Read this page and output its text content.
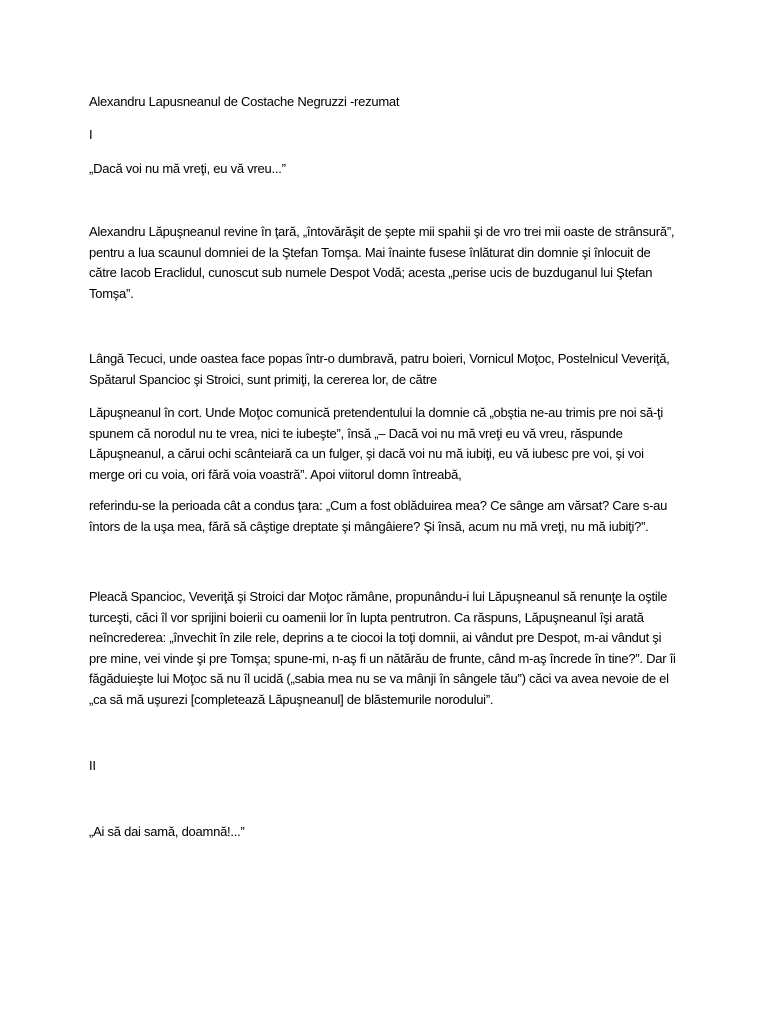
Alexandru Lapusneanul de Costache Negruzzi -rezumat

I

„Dacă voi nu mă vreţi, eu vă vreu...”

Alexandru Lăpuşneanul revine în ţară, „întovărăşit de şepte mii spahii şi de vro trei mii oaste de strânsură”, pentru a lua scaunul domniei de la Ştefan Tomşa. Mai înainte fusese înlăturat din domnie şi înlocuit de către Iacob Eraclidul, cunoscut sub numele Despot Vodă; acesta „perise ucis de buzduganul lui Ştefan Tomşa”.

Lângă Tecuci, unde oastea face popas într-o dumbravă, patru boieri, Vornicul Moţoc, Postelnicul Veveriţă, Spătarul Spancioc şi Stroici, sunt primiţi, la cererea lor, de către

Lăpuşneanul în cort. Unde Moţoc comunică pretendentului la domnie că „obştia ne-au trimis pre noi să-ţi spunem că norodul nu te vrea, nici te iubeşte”, însă „– Dacă voi nu mă vreţi eu vă vreu, răspunde Lăpuşneanul, a cărui ochi scânteiară ca un fulger, şi dacă voi nu mă iubiţi, eu vă iubesc pre voi, şi voi merge ori cu voia, ori fără voia voastră”. Apoi viitorul domn întreabă,

referindu-se la perioada cât a condus ţara: „Cum a fost oblăduirea mea? Ce sânge am vărsat? Care s-au întors de la uşa mea, fără să câştige dreptate şi mângâiere? Şi însă, acum nu mă vreţi, nu mă iubiţi?”.

Pleacă Spancioc, Veveriţă şi Stroici dar Moţoc rămâne, propunându-i lui Lăpuşneanul să renunţe la oştile turceşti, căci îl vor sprijini boierii cu oamenii lor în lupta pentrutron. Ca răspuns, Lăpuşneanul îşi arată neîncrederea: „învechit în zile rele, deprins a te ciocoi la toţi domnii, ai vândut pre Despot, m-ai vândut şi pre mine, vei vinde şi pre Tomşa; spune-mi, n-aş fi un nătărău de frunte, când m-aş încrede în tine?”. Dar îi făgăduieşte lui Moţoc să nu îl ucidă („sabia mea nu se va mânji în sângele tău”) căci va avea nevoie de el „ca să mă uşurezi [completează Lăpuşneanul] de blăstemurile norodului”.

II

„Ai să dai samă, doamnă!...”
